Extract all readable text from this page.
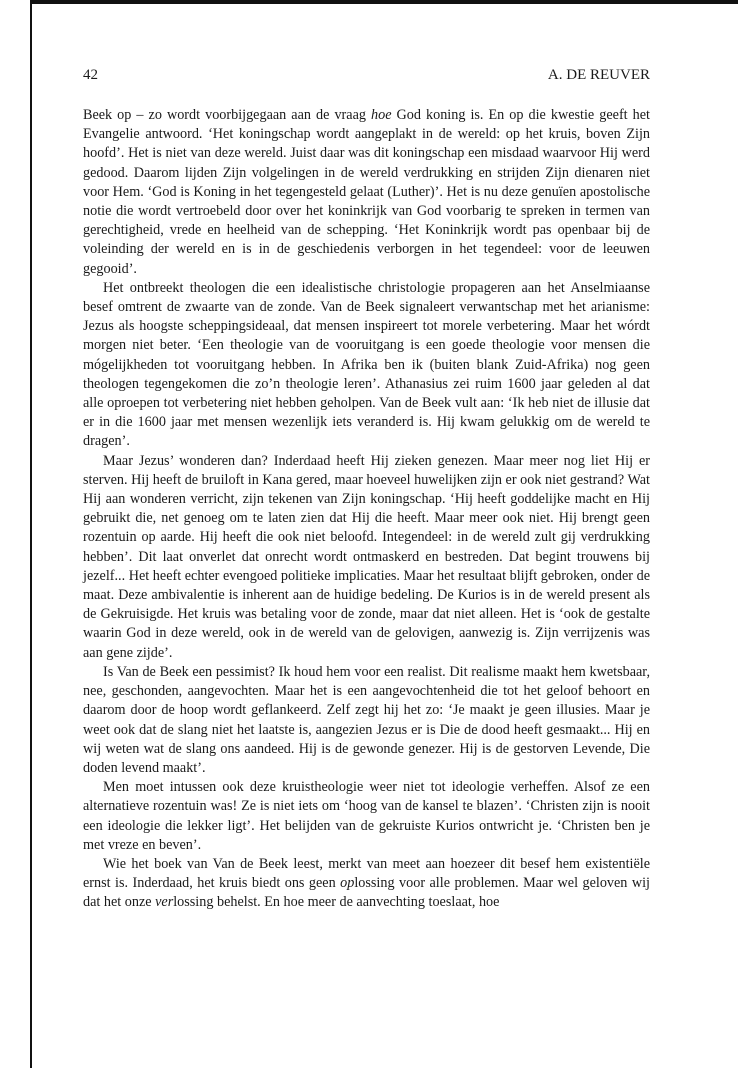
42	A. DE REUVER

Beek op – zo wordt voorbijgegaan aan de vraag hoe God koning is. En op die kwestie geeft het Evangelie antwoord. ‘Het koningschap wordt aangeplakt in de wereld: op het kruis, boven Zijn hoofd’. Het is niet van deze wereld. Juist daar was dit koningschap een misdaad waarvoor Hij werd gedood. Daarom lijden Zijn volgelingen in de wereld verdrukking en strijden Zijn dienaren niet voor Hem. ‘God is Koning in het tegengesteld gelaat (Luther)’. Het is nu deze genuïen apostolische notie die wordt vertroebeld door over het koninkrijk van God voorbarig te spreken in termen van gerechtigheid, vrede en heelheid van de schepping. ‘Het Koninkrijk wordt pas openbaar bij de voleinding der wereld en is in de geschiedenis verborgen in het tegendeel: voor de leeuwen gegooid’.

Het ontbreekt theologen die een idealistische christologie propageren aan het Anselmiaanse besef omtrent de zwaarte van de zonde. Van de Beek signaleert verwantschap met het arianisme: Jezus als hoogste scheppingsideaal, dat mensen inspireert tot morele verbetering. Maar het wórdt morgen niet beter. ‘Een theologie van de vooruitgang is een goede theologie voor mensen die mógelijkheden tot vooruitgang hebben. In Afrika ben ik (buiten blank Zuid-Afrika) nog geen theologen tegengekomen die zo’n theologie leren’. Athanasius zei ruim 1600 jaar geleden al dat alle oproepen tot verbetering niet hebben geholpen. Van de Beek vult aan: ‘Ik heb niet de illusie dat er in die 1600 jaar met mensen wezenlijk iets veranderd is. Hij kwam gelukkig om de wereld te dragen’.

Maar Jezus’ wonderen dan? Inderdaad heeft Hij zieken genezen. Maar meer nog liet Hij er sterven. Hij heeft de bruiloft in Kana gered, maar hoeveel huwelijken zijn er ook niet gestrand? Wat Hij aan wonderen verricht, zijn tekenen van Zijn koningschap. ‘Hij heeft goddelijke macht en Hij gebruikt die, net genoeg om te laten zien dat Hij die heeft. Maar meer ook niet. Hij brengt geen rozentuin op aarde. Hij heeft die ook niet beloofd. Integendeel: in de wereld zult gij verdrukking hebben’. Dit laat onverlet dat onrecht wordt ontmaskerd en bestreden. Dat begint trouwens bij jezelf... Het heeft echter evengoed politieke implicaties. Maar het resultaat blijft gebroken, onder de maat. Deze ambivalentie is inherent aan de huidige bedeling. De Kurios is in de wereld present als de Gekruisigde. Het kruis was betaling voor de zonde, maar dat niet alleen. Het is ‘ook de gestalte waarin God in deze wereld, ook in de wereld van de gelovigen, aanwezig is. Zijn verrijzenis was aan gene zijde’.

Is Van de Beek een pessimist? Ik houd hem voor een realist. Dit realisme maakt hem kwetsbaar, nee, geschonden, aangevochten. Maar het is een aangevochtenheid die tot het geloof behoort en daarom door de hoop wordt geflankeerd. Zelf zegt hij het zo: ‘Je maakt je geen illusies. Maar je weet ook dat de slang niet het laatste is, aangezien Jezus er is Die de dood heeft gesmaakt... Hij en wij weten wat de slang ons aandeed. Hij is de gewonde genezer. Hij is de gestorven Levende, Die doden levend maakt’.

Men moet intussen ook deze kruistheologie weer niet tot ideologie verheffen. Alsof ze een alternatieve rozentuin was! Ze is niet iets om ‘hoog van de kansel te blazen’. ‘Christen zijn is nooit een ideologie die lekker ligt’. Het belijden van de gekruiste Kurios ontwricht je. ‘Christen ben je met vreze en beven’.

Wie het boek van Van de Beek leest, merkt van meet aan hoezeer dit besef hem existentiële ernst is. Inderdaad, het kruis biedt ons geen oplossing voor alle problemen. Maar wel geloven wij dat het onze verlossing behelst. En hoe meer de aanvechting toeslaat, hoe
